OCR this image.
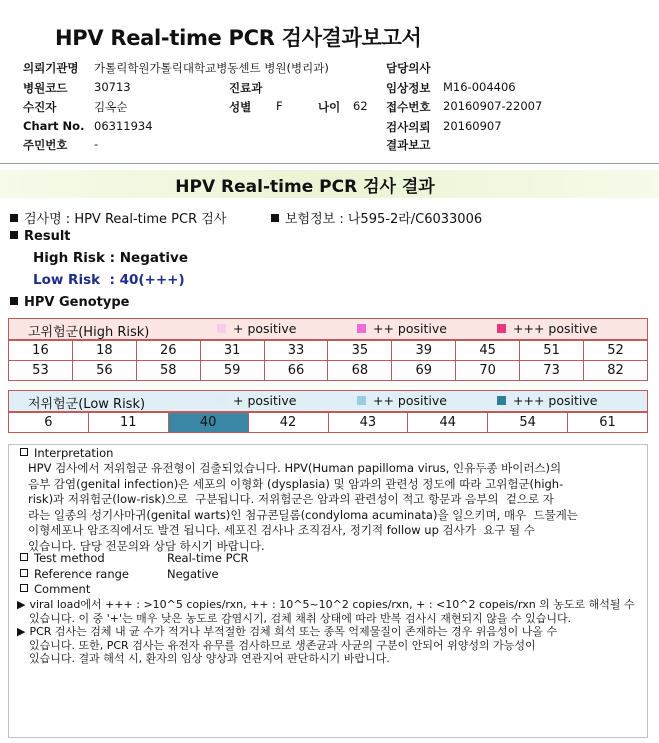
HPV Real-time PCR 검사결과보고서
의뢰기관명 가톨릭학원가톨릭대학교병동센트 병원(병리과)
병원코드 30713	진료과
수진자	김옥순	성별 F	나이 62
Chart No. 06311934
주민번호 -
담당의사
임상정보 M16-004406
접수번호 20160907-22007
검사의뢰 20160907
결과보고
HPV Real-time PCR 검사 결과
검사명 : HPV Real-time PCR 검사	보험정보 : 나595-2라/C6033006
Result
High Risk : Negative
Low Risk  : 40(+++)
HPV Genotype
고위험군(High Risk)	+ positive	++ positive	+++ positive
16	18	26	31	33	35	39	45	51	52
53	56	58	59	66	68	69	70	73	82
저위험군(Low Risk)	+ positive	++ positive	+++ positive
6	11	40	42	43	44	54	61
Interpretation
HPV 검사에서 저위험군 유전형이 검출되었습니다. HPV(Human papilloma virus, 인유두종 바이러스)의
음부 감염(genital infection)은 세포의 이형화 (dysplasia) 및 암과의 관련성 정도에 따라 고위험군(high-
risk)과 저위험군(low-risk)으로  구분됩니다. 저위험군은 암과의 관련성이 적고 항문과 음부의  겉으로 자
라는 일종의 성기사마귀(genital warts)인 첨규콘딜롬(condyloma acuminata)을 일으키며, 매우  드물게는
이형세포나 암조직에서도 발견 됩니다. 세포진 검사나 조직검사, 정기적 follow up 검사가  요구 될 수
있습니다. 담당 전문의와 상담 하시기 바랍니다.
Test method	Real-time PCR
Reference range	Negative
Comment
▶ viral load에서 +++ : >10^5 copies/rxn, ++ : 10^5~10^2 copies/rxn, + : <10^2 copeis/rxn 의 농도로 해석될 수
있습니다. 이 중 '+'는 매우 낮은 농도로 감염시기, 검체 채취 상태에 따라 반복 검사시 재현되지 않을 수 있습니다.
▶ PCR 검사는 검체 내 균 수가 적거나 부적절한 검체 희석 또는 종목 억제물질이 존재하는 경우 위음성이 나올 수
있습니다. 또한, PCR 검사는 유전자 유무를 검사하므로 생존균과 사균의 구분이 안되어 위양성의 가능성이
있습니다. 결과 해석 시, 환자의 임상 양상과 연관지어 판단하시기 바랍니다.
